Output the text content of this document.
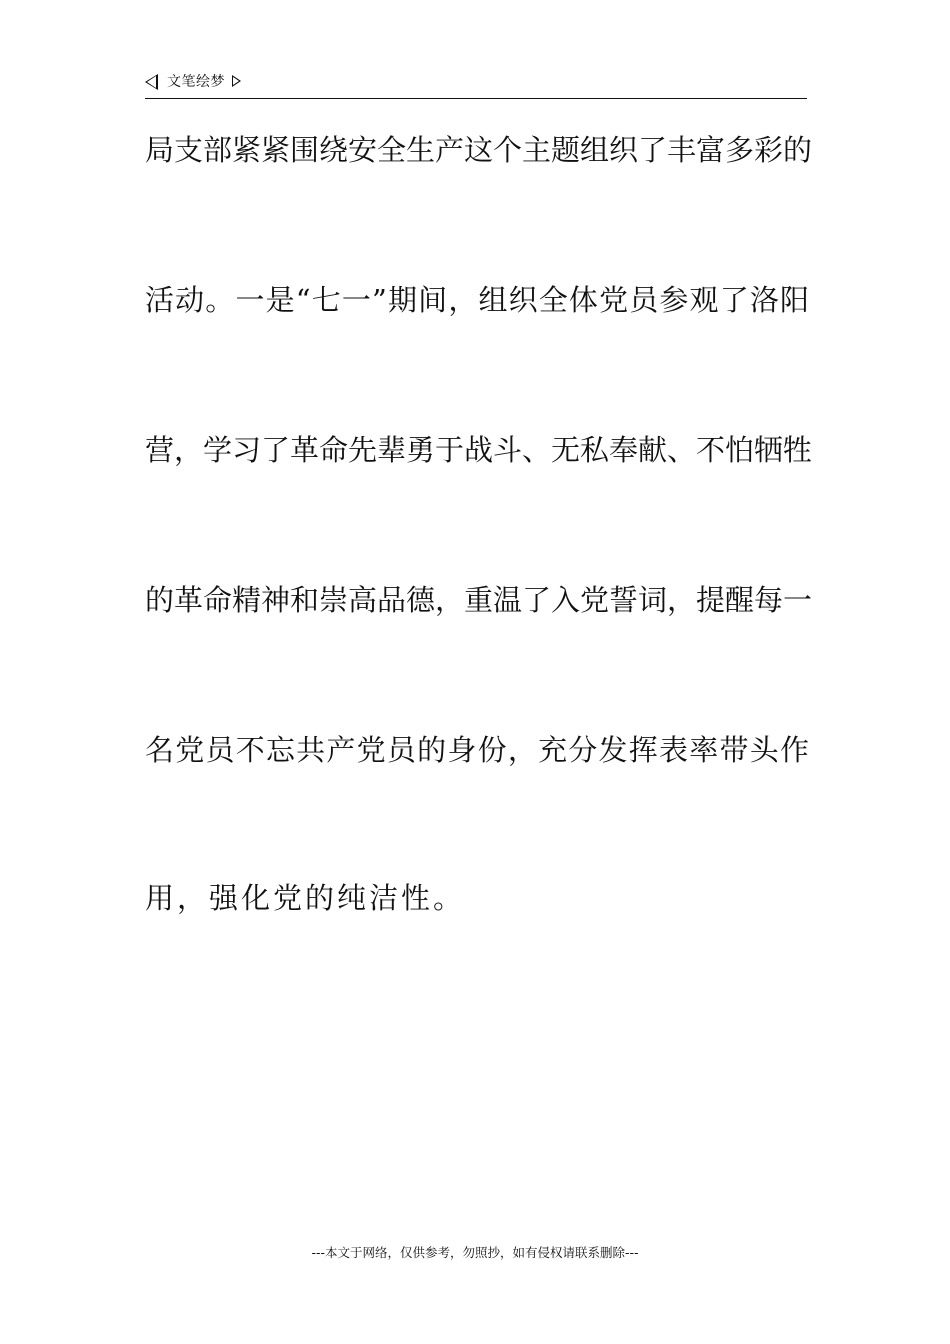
文笔绘梦
局支部紧紧围绕安全生产这个主题组织了丰富多彩的
活动。一是“七一”期间，组织全体党员参观了洛阳
营，学习了革命先辈勇于战斗、无私奉献、不怕牺牲
的革命精神和崇高品德，重温了入党誓词，提醒每一
名党员不忘共产党员的身份，充分发挥表率带头作
用，强化党的纯洁性。
---本文于网络，仅供参考，勿照抄，如有侵权请联系删除---
